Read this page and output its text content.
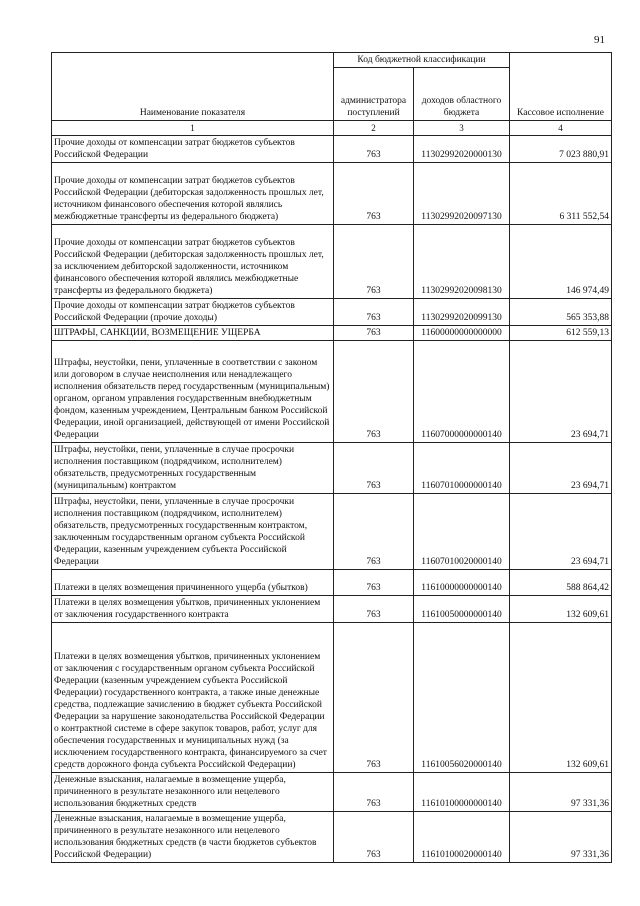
91
Наименование показателя	Код бюджетной классификации		Кассовое исполнение
	администратора поступлений	доходов областного бюджета	
1	2	3	4
Прочие доходы от компенсации затрат бюджетов субъектов Российской Федерации	763	11302992020000130	7 023 880,91
Прочие доходы от компенсации затрат бюджетов субъектов Российской Федерации (дебиторская задолженность прошлых лет, источником финансового обеспечения которой являлись межбюджетные трансферты из федерального бюджета)	763	11302992020097130	6 311 552,54
Прочие доходы от компенсации затрат бюджетов субъектов Российской Федерации (дебиторская задолженность прошлых лет, за исключением дебиторской задолженности, источником финансового обеспечения которой являлись межбюджетные трансферты из федерального бюджета)	763	11302992020098130	146 974,49
Прочие доходы от компенсации затрат бюджетов субъектов Российской Федерации (прочие доходы)	763	11302992020099130	565 353,88
ШТРАФЫ, САНКЦИИ, ВОЗМЕЩЕНИЕ УЩЕРБА	763	11600000000000000	612 559,13
Штрафы, неустойки, пени, уплаченные в соответствии с законом или договором в случае неисполнения или ненадлежащего исполнения обязательств перед государственным (муниципальным) органом, органом управления государственным внебюджетным фондом, казенным учреждением, Центральным банком Российской Федерации, иной организацией, действующей от имени Российской Федерации	763	11607000000000140	23 694,71
Штрафы, неустойки, пени, уплаченные в случае просрочки исполнения поставщиком (подрядчиком, исполнителем) обязательств, предусмотренных государственным (муниципальным) контрактом	763	11607010000000140	23 694,71
Штрафы, неустойки, пени, уплаченные в случае просрочки исполнения поставщиком (подрядчиком, исполнителем) обязательств, предусмотренных государственным контрактом, заключенным государственным органом субъекта Российской Федерации, казенным учреждением субъекта Российской Федерации	763	11607010020000140	23 694,71
Платежи в целях возмещения причиненного ущерба (убытков)	763	11610000000000140	588 864,42
Платежи в целях возмещения убытков, причиненных уклонением от заключения государственного контракта	763	11610050000000140	132 609,61
Платежи в целях возмещения убытков, причиненных уклонением от заключения с государственным органом субъекта Российской Федерации (казенным учреждением субъекта Российской Федерации) государственного контракта, а также иные денежные средства, подлежащие зачислению в бюджет субъекта Российской Федерации за нарушение законодательства Российской Федерации о контрактной системе в сфере закупок товаров, работ, услуг для обеспечения государственных и муниципальных нужд (за исключением государственного контракта, финансируемого за счет средств дорожного фонда субъекта Российской Федерации)	763	11610056020000140	132 609,61
Денежные взыскания, налагаемые в возмещение ущерба, причиненного в результате незаконного или нецелевого использования бюджетных средств	763	11610100000000140	97 331,36
Денежные взыскания, налагаемые в возмещение ущерба, причиненного в результате незаконного или нецелевого использования бюджетных средств (в части бюджетов субъектов Российской Федерации)	763	11610100020000140	97 331,36
